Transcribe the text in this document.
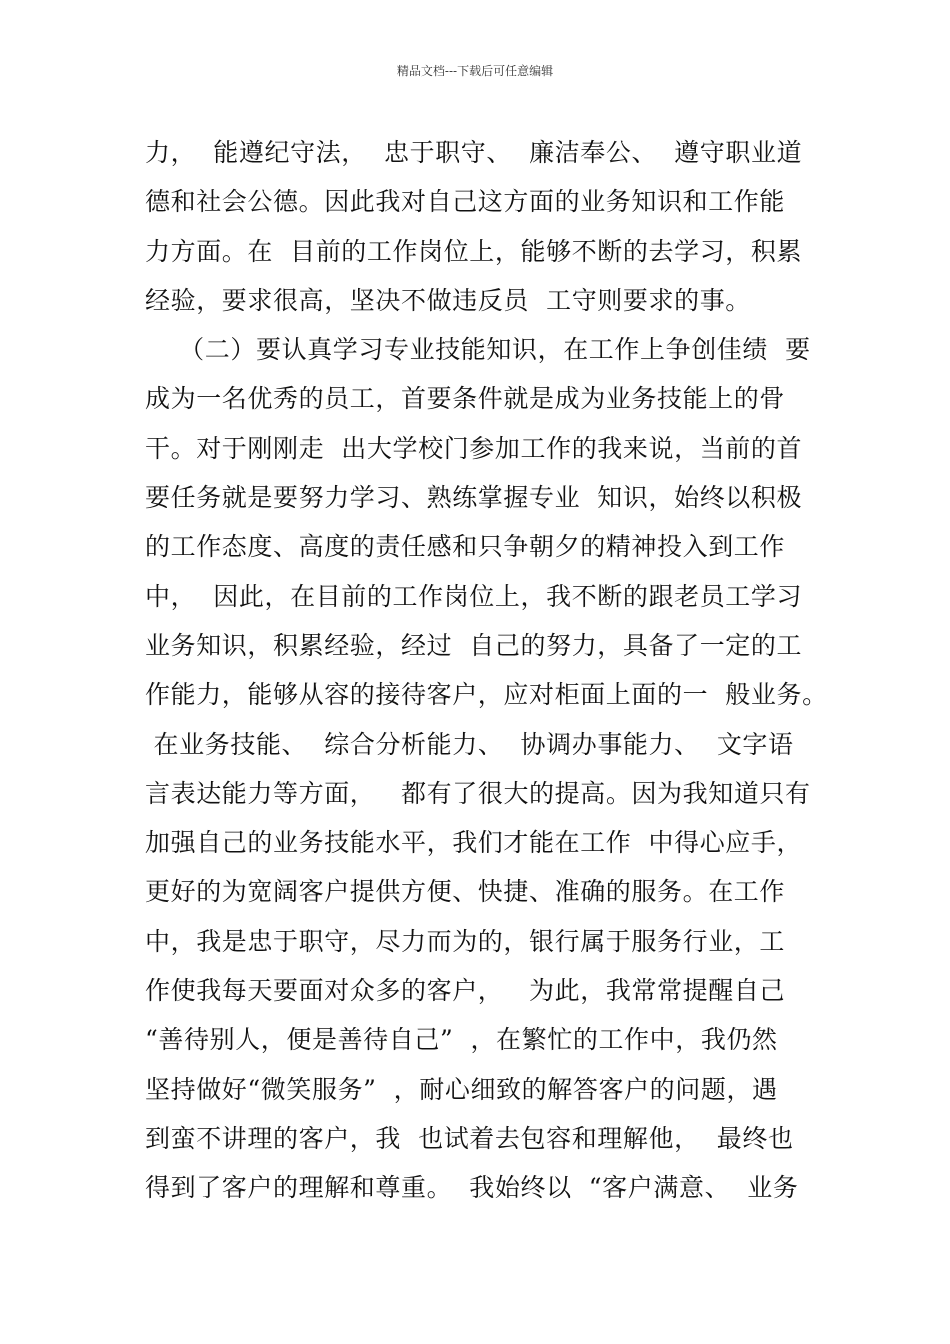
精品文档---下载后可任意编辑
力，  能遵纪守法，  忠于职守、  廉洁奉公、  遵守职业道
德和社会公德。因此我对自己这方面的业务知识和工作能
力方面。在  目前的工作岗位上，能够不断的去学习，积累
经验，要求很高，坚决不做违反员  工守则要求的事。
（二）要认真学习专业技能知识，在工作上争创佳绩  要
成为一名优秀的员工，首要条件就是成为业务技能上的骨
干。对于刚刚走  出大学校门参加工作的我来说，当前的首
要任务就是要努力学习、熟练掌握专业  知识，始终以积极
的工作态度、高度的责任感和只争朝夕的精神投入到工作
中，  因此，在目前的工作岗位上，我不断的跟老员工学习
业务知识，积累经验，经过  自己的努力，具备了一定的工
作能力，能够从容的接待客户，应对柜面上面的一  般业务。
在业务技能、  综合分析能力、  协调办事能力、  文字语
言表达能力等方面，   都有了很大的提高。因为我知道只有
加强自己的业务技能水平，我们才能在工作  中得心应手，
更好的为宽阔客户提供方便、快捷、准确的服务。在工作
中，我是忠于职守，尽力而为的，银行属于服务行业，工
作使我每天要面对众多的客户，   为此，我常常提醒自己
“善待别人，便是善待自己”  ，在繁忙的工作中，我仍然
坚持做好“微笑服务”  ，耐心细致的解答客户的问题，遇
到蛮不讲理的客户，我  也试着去包容和理解他，  最终也
得到了客户的理解和尊重。  我始终以  “客户满意、  业务
